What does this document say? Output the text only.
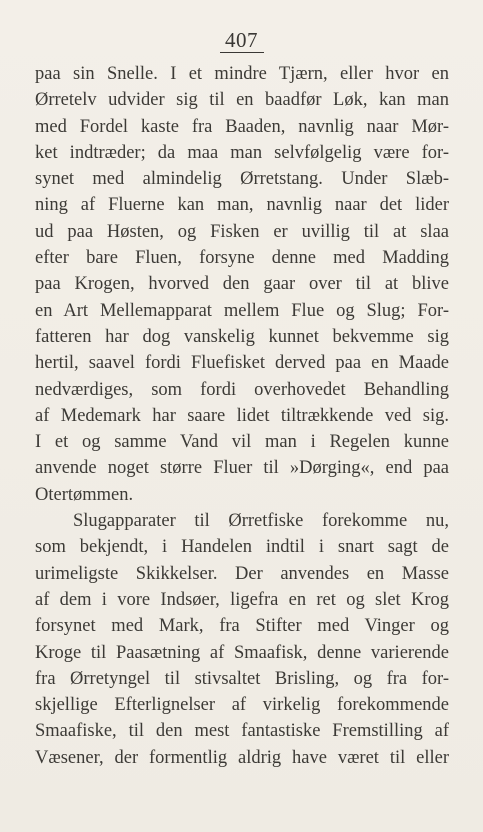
407
paa sin Snelle. I et mindre Tjærn, eller hvor en
Ørretelv udvider sig til en baadfør Løk, kan man
med Fordel kaste fra Baaden, navnlig naar Mør-
ket indtræder; da maa man selvfølgelig være for-
synet med almindelig Ørretstang. Under Slæb-
ning af Fluerne kan man, navnlig naar det lider
ud paa Høsten, og Fisken er uvillig til at slaa
efter bare Fluen, forsyne denne med Madding
paa Krogen, hvorved den gaar over til at blive
en Art Mellemapparat mellem Flue og Slug; For-
fatteren har dog vanskelig kunnet bekvemme sig
hertil, saavel fordi Fluefisket derved paa en Maade
nedværdiges, som fordi overhovedet Behandling
af Medemark har saare lidet tiltrækkende ved sig.
I et og samme Vand vil man i Regelen kunne
anvende noget større Fluer til »Dørging«, end paa
Otertømmen.
Slugapparater til Ørretfiske forekomme nu,
som bekjendt, i Handelen indtil i snart sagt de
urimeligste Skikkelser. Der anvendes en Masse
af dem i vore Indsøer, ligefra en ret og slet Krog
forsynet med Mark, fra Stifter med Vinger og
Kroge til Paasætning af Smaafisk, denne varierende
fra Ørretyngel til stivsaltet Brisling, og fra for-
skjellige Efterlignelser af virkelig forekommende
Smaafiske, til den mest fantastiske Fremstilling af
Væsener, der formentlig aldrig have været til eller
